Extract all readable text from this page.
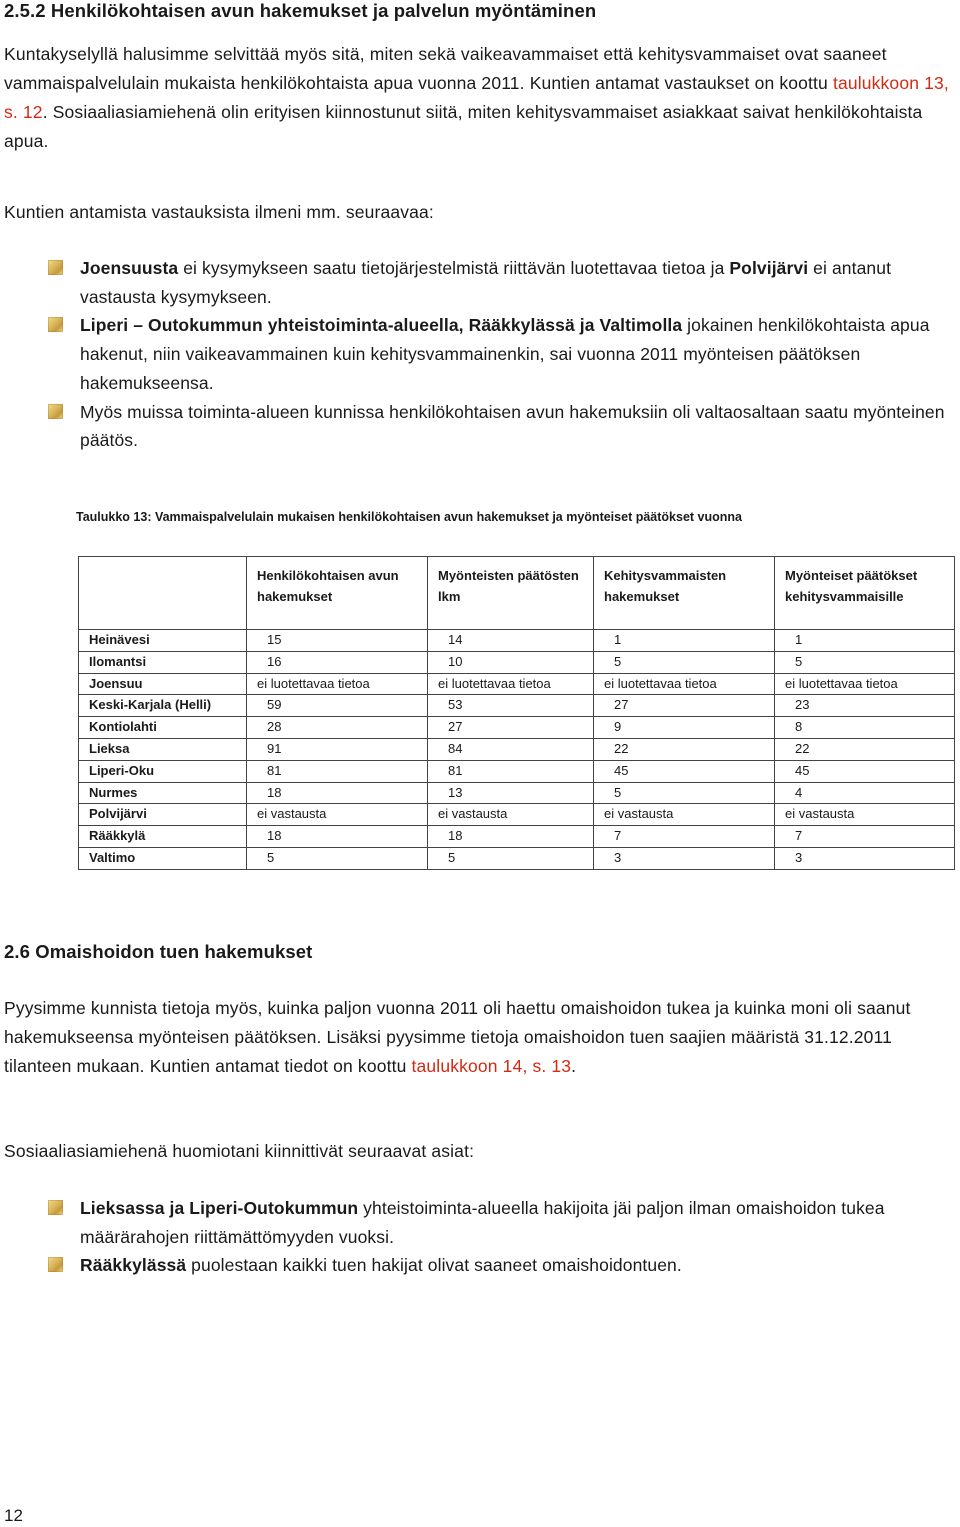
2.5.2 Henkilökohtaisen avun hakemukset ja palvelun myöntäminen

Kuntakyselyllä halusimme selvittää myös sitä, miten sekä vaikeavammaiset että kehitysvammaiset ovat saaneet vammaispalvelulain mukaista henkilökohtaista apua vuonna 2011. Kuntien antamat vastaukset on koottu taulukkoon 13, s. 12. Sosiaaliasiamiehenä olin erityisen kiinnostunut siitä, miten kehitysvammaiset asiakkaat saivat henkilökohtaista apua.

Kuntien antamista vastauksista ilmeni mm. seuraavaa:

Joensuusta ei kysymykseen saatu tietojärjestelmistä riittävän luotettavaa tietoa ja Polvijärvi ei antanut vastausta kysymykseen.
Liperi – Outokummun yhteistoiminta-alueella, Rääkkylässä ja Valtimolla jokainen henkilökohtaista apua hakenut, niin vaikeavammainen kuin kehitysvammainenkin, sai vuonna 2011 myönteisen päätöksen hakemukseensa.
Myös muissa toiminta-alueen kunnissa henkilökohtaisen avun hakemuksiin oli valtaosaltaan saatu myönteinen päätös.
Taulukko 13: Vammaispalvelulain mukaisen henkilökohtaisen avun hakemukset ja myönteiset päätökset vuonna
	Henkilökohtaisen avun hakemukset	Myönteisten päätösten lkm	Kehitysvammaisten hakemukset	Myönteiset päätökset kehitysvammaisille
Heinävesi	15	14	1	1
Ilomantsi	16	10	5	5
Joensuu	ei luotettavaa tietoa	ei luotettavaa tietoa	ei luotettavaa tietoa	ei luotettavaa tietoa
Keski-Karjala (Helli)	59	53	27	23
Kontiolahti	28	27	9	8
Lieksa	91	84	22	22
Liperi-Oku	81	81	45	45
Nurmes	18	13	5	4
Polvijärvi	ei vastausta	ei vastausta	ei vastausta	ei vastausta
Rääkkylä	18	18	7	7
Valtimo	5	5	3	3
2.6 Omaishoidon tuen hakemukset

Pyysimme kunnista tietoja myös, kuinka paljon vuonna 2011 oli haettu omaishoidon tukea ja kuinka moni oli saanut hakemukseensa myönteisen päätöksen. Lisäksi pyysimme tietoja omaishoidon tuen saajien määristä 31.12.2011 tilanteen mukaan. Kuntien antamat tiedot on koottu taulukkoon 14, s. 13.

Sosiaaliasiamiehenä huomiotani kiinnittivät seuraavat asiat:

Lieksassa ja Liperi-Outokummun yhteistoiminta-alueella hakijoita jäi paljon ilman omaishoidon tukea määrärahojen riittämättömyyden vuoksi.
Rääkkylässä puolestaan kaikki tuen hakijat olivat saaneet omaishoidontuen.
12
